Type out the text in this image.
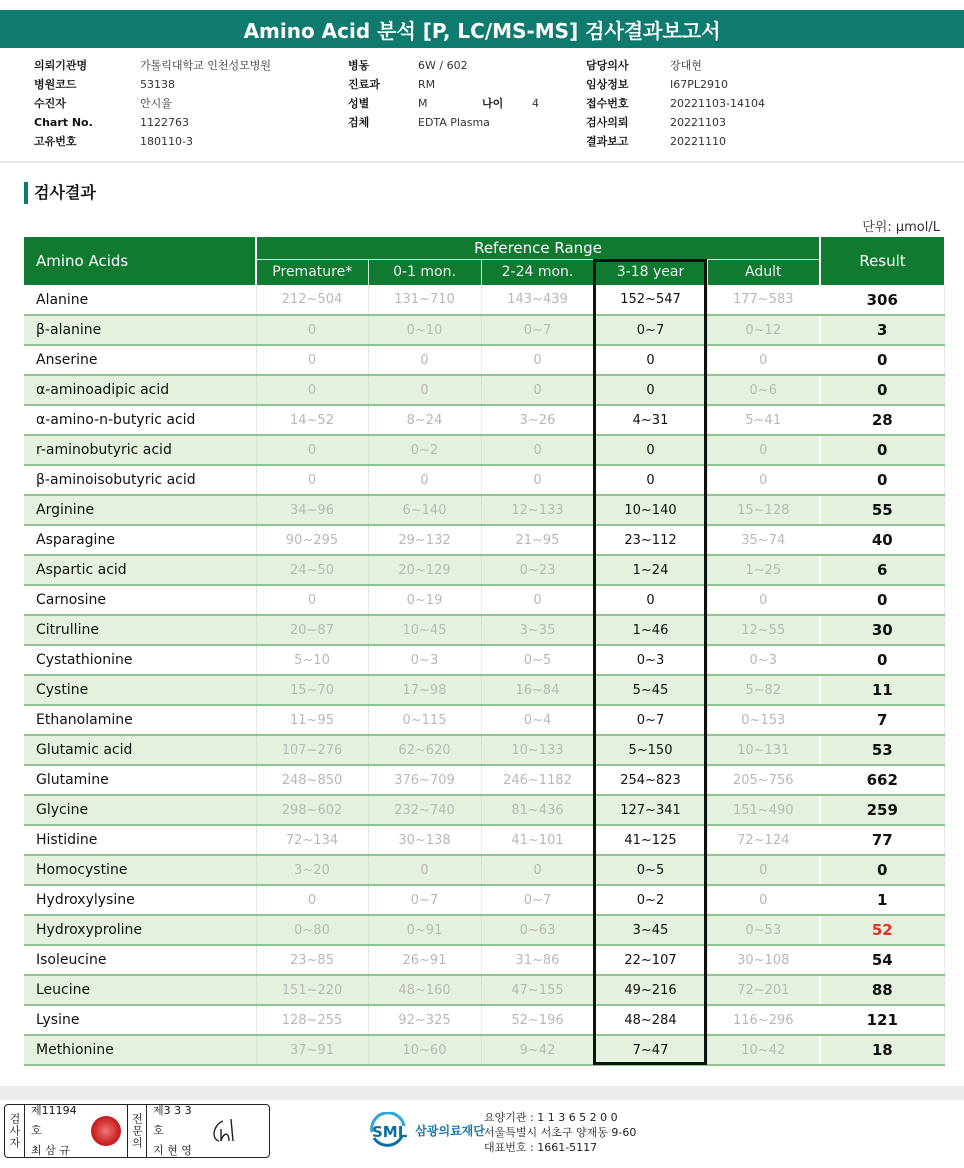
Amino Acid 분석 [P, LC/MS-MS] 검사결과보고서
의뢰기관명	가톨릭대학교 인천성모병원
병원코드	53138
수진자	안시율
Chart No.	1122763
고유번호	180110-3
병동	6W / 602
진료과	RM
성별	M	나이	4
검체	EDTA Plasma
담당의사	장대현
임상정보	I67PL2910
접수번호	20221103-14104
검사의뢰	20221103
결과보고	20221110
검사결과
단위: μmol/L
Amino Acids	Reference Range					Result
	Premature*	0-1 mon.	2-24 mon.	3-18 year	Adult	
Alanine	212~504	131~710	143~439	152~547	177~583	306
β-alanine	0	0~10	0~7	0~7	0~12	3
Anserine	0	0	0	0	0	0
α-aminoadipic acid	0	0	0	0	0~6	0
α-amino-n-butyric acid	14~52	8~24	3~26	4~31	5~41	28
r-aminobutyric acid	0	0~2	0	0	0	0
β-aminoisobutyric acid	0	0	0	0	0	0
Arginine	34~96	6~140	12~133	10~140	15~128	55
Asparagine	90~295	29~132	21~95	23~112	35~74	40
Aspartic acid	24~50	20~129	0~23	1~24	1~25	6
Carnosine	0	0~19	0	0	0	0
Citrulline	20~87	10~45	3~35	1~46	12~55	30
Cystathionine	5~10	0~3	0~5	0~3	0~3	0
Cystine	15~70	17~98	16~84	5~45	5~82	11
Ethanolamine	11~95	0~115	0~4	0~7	0~153	7
Glutamic acid	107~276	62~620	10~133	5~150	10~131	53
Glutamine	248~850	376~709	246~1182	254~823	205~756	662
Glycine	298~602	232~740	81~436	127~341	151~490	259
Histidine	72~134	30~138	41~101	41~125	72~124	77
Homocystine	3~20	0	0	0~5	0	0
Hydroxylysine	0	0~7	0~7	0~2	0	1
Hydroxyproline	0~80	0~91	0~63	3~45	0~53	52
Isoleucine	23~85	26~91	31~86	22~107	30~108	54
Leucine	151~220	48~160	47~155	49~216	72~201	88
Lysine	128~255	92~325	52~196	48~284	116~296	121
Methionine	37~91	10~60	9~42	7~47	10~42	18
검사자
제11194호
최 삼 규
전문의
제3 3 3 호
지 현 영
SML 삼광의료재단
요양기관 : 1 1 3 6 5 2 0 0
서울특별시 서초구 양재동 9-60
대표번호 : 1661-5117
